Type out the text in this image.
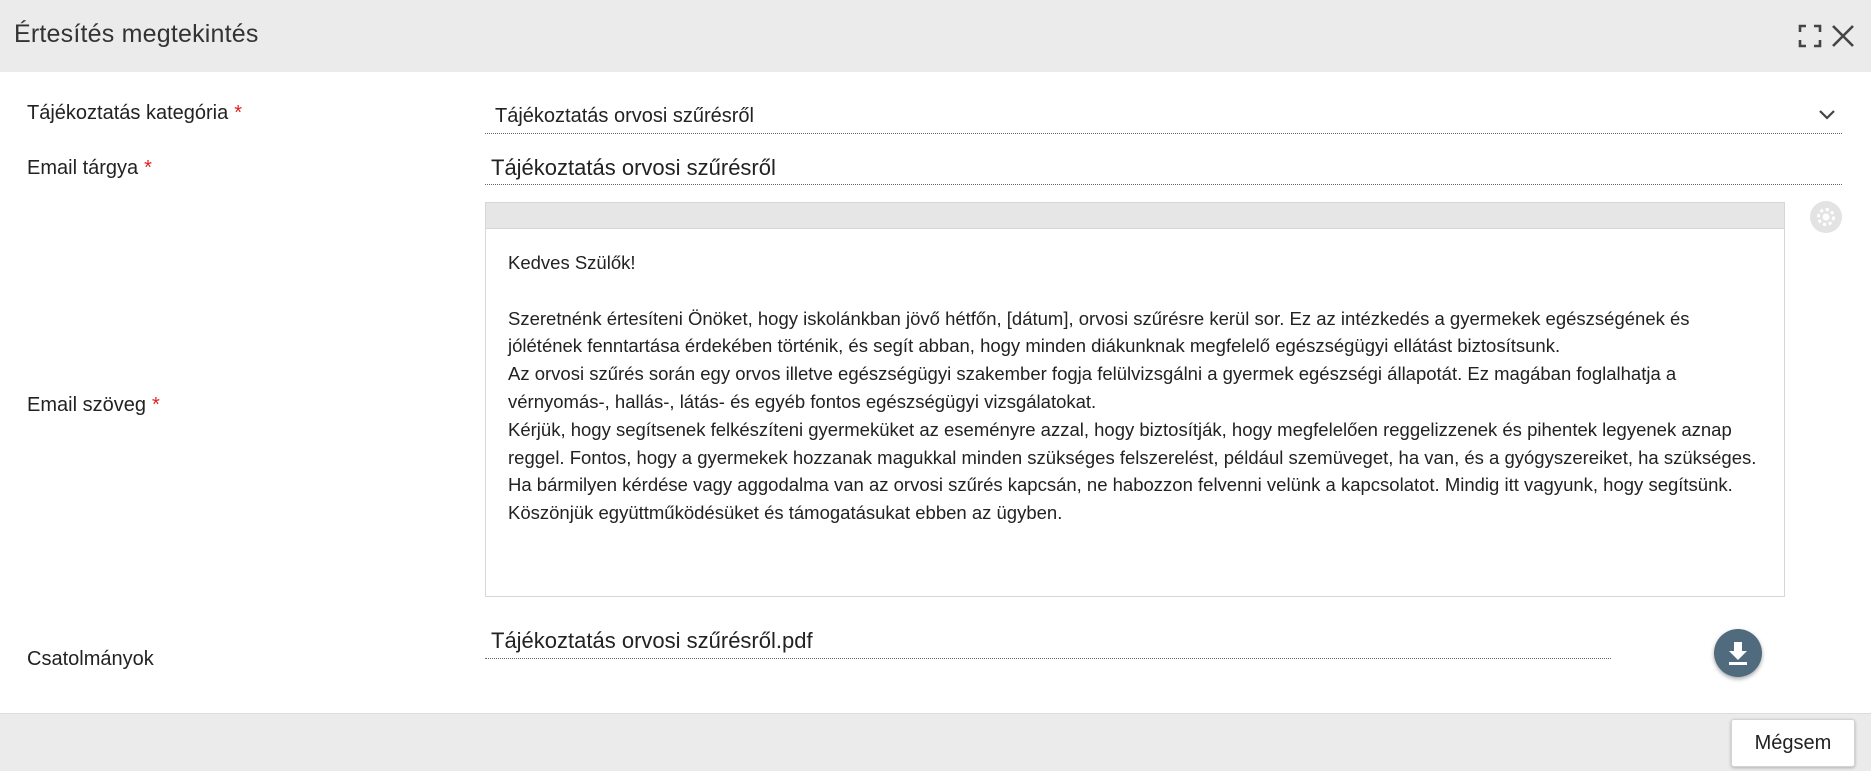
Értesítés megtekintés
Tájékoztatás kategória *	Tájékoztatás orvosi szűrésről
Email tárgya *	Tájékoztatás orvosi szűrésről
Email szöveg *

Kedves Szülők!

Szeretnénk értesíteni Önöket, hogy iskolánkban jövő hétfőn, [dátum], orvosi szűrésre kerül sor. Ez az intézkedés a gyermekek egészségének és jólétének fenntartása érdekében történik, és segít abban, hogy minden diákunknak megfelelő egészségügyi ellátást biztosítsunk.

Az orvosi szűrés során egy orvos illetve egészségügyi szakember fogja felülvizsgálni a gyermek egészségi állapotát. Ez magában foglalhatja a vérnyomás-, hallás-, látás- és egyéb fontos egészségügyi vizsgálatokat.

Kérjük, hogy segítsenek felkészíteni gyermeküket az eseményre azzal, hogy biztosítják, hogy megfelelően reggelizzenek és pihentek legyenek aznap reggel. Fontos, hogy a gyermekek hozzanak magukkal minden szükséges felszerelést, például szemüveget, ha van, és a gyógyszereiket, ha szükséges.

Ha bármilyen kérdése vagy aggodalma van az orvosi szűrés kapcsán, ne habozzon felvenni velünk a kapcsolatot. Mindig itt vagyunk, hogy segítsünk.

Köszönjük együttműködésüket és támogatásukat ebben az ügyben.

Csatolmányok
Tájékoztatás orvosi szűrésről.pdf
Mégsem
